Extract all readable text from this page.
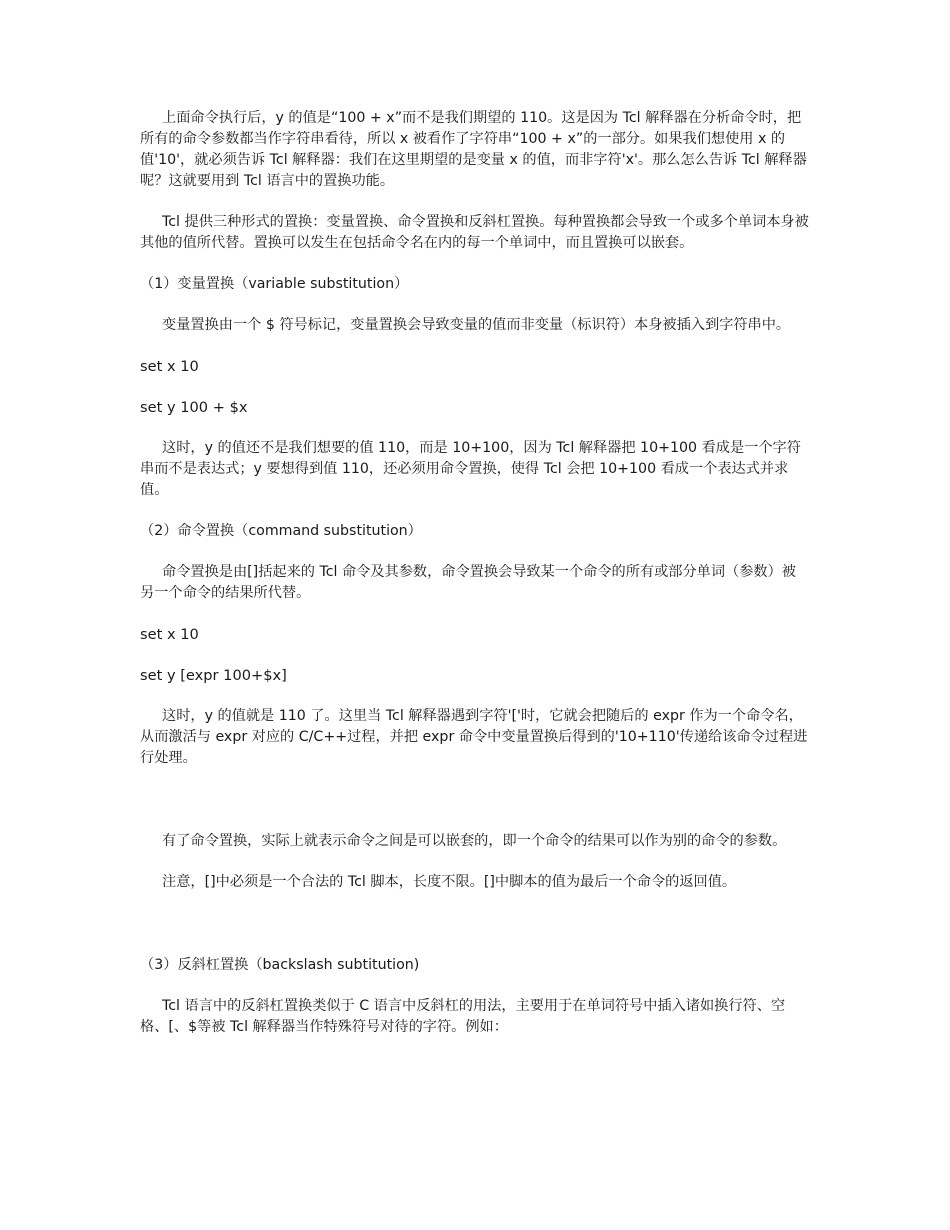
上面命令执行后，y 的值是“100 + x”而不是我们期望的 110。这是因为 Tcl 解释器在分析命令时，把所有的命令参数都当作字符串看待，所以 x 被看作了字符串“100 + x”的一部分。如果我们想使用 x 的值'10'，就必须告诉 Tcl 解释器：我们在这里期望的是变量 x 的值，而非字符'x'。那么怎么告诉 Tcl 解释器呢？这就要用到 Tcl 语言中的置换功能。

Tcl 提供三种形式的置换：变量置换、命令置换和反斜杠置换。每种置换都会导致一个或多个单词本身被其他的值所代替。置换可以发生在包括命令名在内的每一个单词中，而且置换可以嵌套。

（1）变量置换（variable substitution）

变量置换由一个 $ 符号标记，变量置换会导致变量的值而非变量（标识符）本身被插入到字符串中。

set x 10

set y 100 + $x

这时，y 的值还不是我们想要的值 110，而是 10+100，因为 Tcl 解释器把 10+100 看成是一个字符串而不是表达式；y 要想得到值 110，还必须用命令置换，使得 Tcl 会把 10+100 看成一个表达式并求值。

（2）命令置换（command substitution）

命令置换是由[]括起来的 Tcl 命令及其参数，命令置换会导致某一个命令的所有或部分单词（参数）被另一个命令的结果所代替。

set x 10

set y [expr 100+$x]

这时，y 的值就是 110 了。这里当 Tcl 解释器遇到字符'['时，它就会把随后的 expr 作为一个命令名，从而激活与 expr 对应的 C/C++过程，并把 expr 命令中变量置换后得到的'10+110'传递给该命令过程进行处理。

有了命令置换，实际上就表示命令之间是可以嵌套的，即一个命令的结果可以作为别的命令的参数。

注意，[]中必须是一个合法的 Tcl 脚本，长度不限。[]中脚本的值为最后一个命令的返回值。

（3）反斜杠置换（backslash subtitution)

Tcl 语言中的反斜杠置换类似于 C 语言中反斜杠的用法，主要用于在单词符号中插入诸如换行符、空格、[、$等被 Tcl 解释器当作特殊符号对待的字符。例如：
